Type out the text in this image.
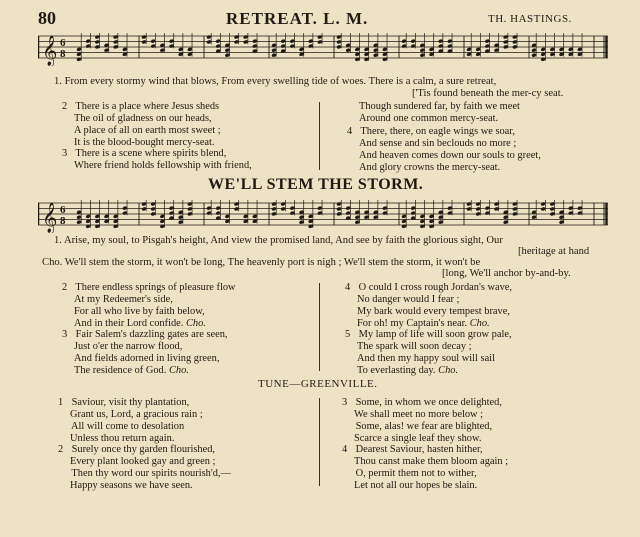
80	RETREAT. L. M.	TH. HASTINGS.
𝄞 6
8
1. From every stormy wind that blows, From every swelling tide of woes. There is a calm, a sure retreat,
['Tis found beneath the mer-cy seat.
2 There is a place where Jesus sheds
The oil of gladness on our heads,
A place of all on earth most sweet ;
It is the blood-bought mercy-seat.
3 There is a scene where spirits blend,
Where friend holds fellowship with friend,
Though sundered far, by faith we meet
Around one common mercy-seat.
4 There, there, on eagle wings we soar,
And sense and sin beclouds no more ;
And heaven comes down our souls to greet,
And glory crowns the mercy-seat.
WE'LL STEM THE STORM.
𝄞 6
8
1. Arise, my soul, to Pisgah's height, And view the promised land, And see by faith the glorious sight, Our
[heritage at hand
Cho. We'll stem the storm, it won't be long, The heavenly port is nigh ; We'll stem the storm, it won't be
[long, We'll anchor by-and-by.
2 There endless springs of pleasure flow
At my Redeemer's side,
For all who live by faith below,
And in their Lord confide. Cho.
3 Fair Salem's dazzling gates are seen,
Just o'er the narrow flood,
And fields adorned in living green,
The residence of God. Cho.
4 O could I cross rough Jordan's wave,
No danger would I fear ;
My bark would every tempest brave,
For oh! my Captain's near. Cho.
5 My lamp of life will soon grow pale,
The spark will soon decay ;
And then my happy soul will sail
To everlasting day. Cho.
TUNE—GREENVILLE.
1 Saviour, visit thy plantation,
Grant us, Lord, a gracious rain ;
All will come to desolation
Unless thou return again.
2 Surely once thy garden flourished,
Every plant looked gay and green ;
Then thy word our spirits nourish'd,—
Happy seasons we have seen.
3 Some, in whom we once delighted,
We shall meet no more below ;
Some, alas! we fear are blighted,
Scarce a single leaf they show.
4 Dearest Saviour, hasten hither,
Thou canst make them bloom again ;
O, permit them not to wither,
Let not all our hopes be slain.
